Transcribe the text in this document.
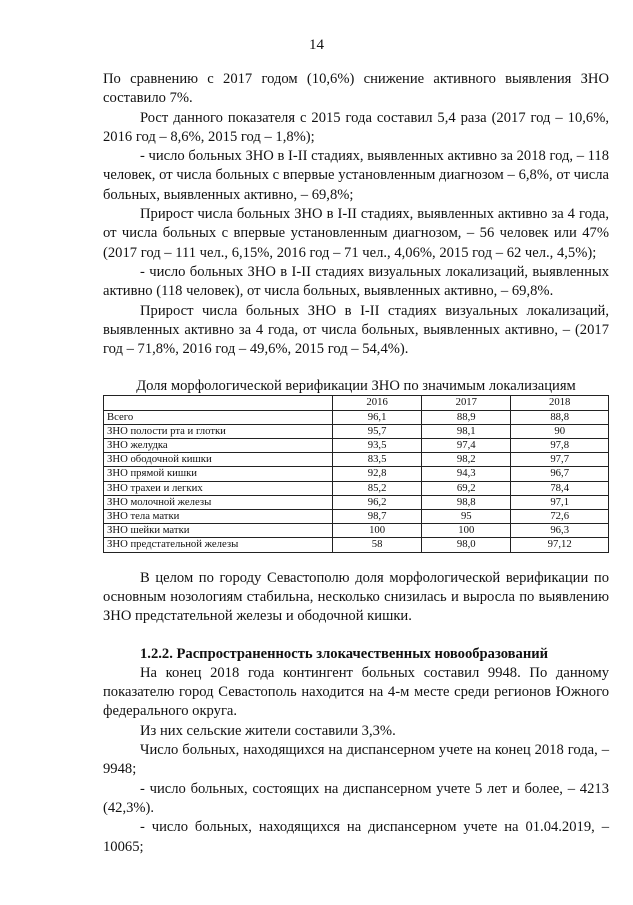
14

По сравнению с 2017 годом (10,6%) снижение активного выявления ЗНО составило 7%.

Рост данного показателя с 2015 года составил 5,4 раза (2017 год – 10,6%, 2016 год – 8,6%, 2015 год – 1,8%);

- число больных ЗНО в I-II стадиях, выявленных активно за 2018 год, – 118 человек, от числа больных с впервые установленным диагнозом – 6,8%, от числа больных, выявленных активно, – 69,8%;

Прирост числа больных ЗНО в I-II стадиях, выявленных активно за 4 года, от числа больных с впервые установленным диагнозом, – 56 человек или 47% (2017 год – 111 чел., 6,15%, 2016 год – 71 чел., 4,06%, 2015 год – 62 чел., 4,5%);

- число больных ЗНО в I-II стадиях визуальных локализаций, выявленных активно (118 человек), от числа больных, выявленных активно, – 69,8%.

Прирост числа больных ЗНО в I-II стадиях визуальных локализаций, выявленных активно за 4 года, от числа больных, выявленных активно, – (2017 год – 71,8%, 2016 год – 49,6%, 2015 год – 54,4%).

Доля морфологической верификации ЗНО по значимым локализациям
	2016	2017	2018
Всего	96,1	88,9	88,8
ЗНО полости рта и глотки	95,7	98,1	90
ЗНО желудка	93,5	97,4	97,8
ЗНО ободочной кишки	83,5	98,2	97,7
ЗНО прямой кишки	92,8	94,3	96,7
ЗНО трахеи и легких	85,2	69,2	78,4
ЗНО молочной железы	96,2	98,8	97,1
ЗНО тела матки	98,7	95	72,6
ЗНО шейки матки	100	100	96,3
ЗНО предстательной железы	58	98,0	97,12

В целом по городу Севастополю доля морфологической верификации по основным нозологиям стабильна, несколько снизилась и выросла по выявлению ЗНО предстательной железы и ободочной кишки.

1.2.2. Распространенность злокачественных новообразований

На конец 2018 года контингент больных составил 9948. По данному показателю город Севастополь находится на 4-м месте среди регионов Южного федерального округа.

Из них сельские жители составили 3,3%.

Число больных, находящихся на диспансерном учете на конец 2018 года, – 9948;

- число больных, состоящих на диспансерном учете 5 лет и более, – 4213 (42,3%).

- число больных, находящихся на диспансерном учете на 01.04.2019, – 10065;
